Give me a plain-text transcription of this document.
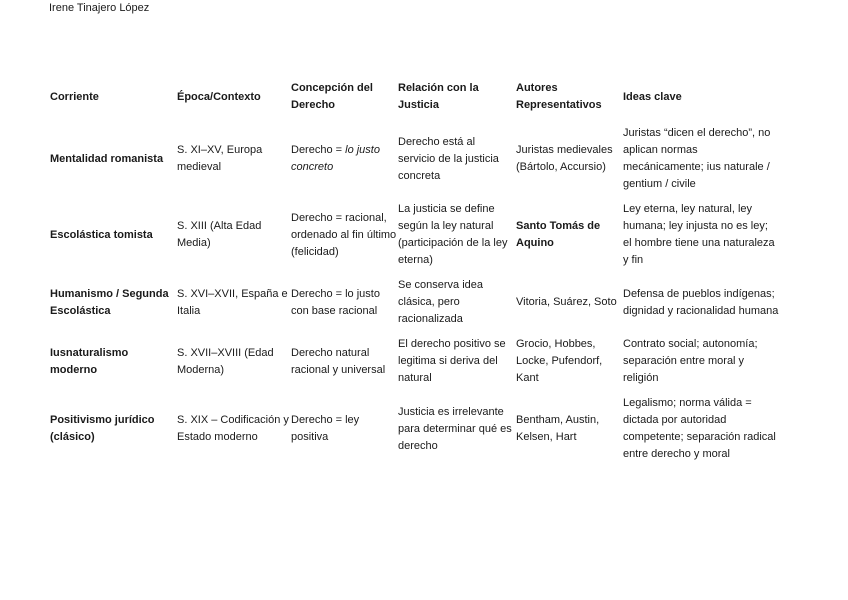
Irene Tinajero López
Corriente	Época/Contexto	Concepción del Derecho	Relación con la Justicia	Autores Representativos	Ideas clave
Mentalidad romanista	S. XI–XV, Europa medieval	Derecho = lo justo concreto	Derecho está al servicio de la justicia concreta	Juristas medievales (Bártolo, Accursio)	Juristas “dicen el derecho”, no aplican normas mecánicamente; ius naturale / gentium / civile
Escolástica tomista	S. XIII (Alta Edad Media)	Derecho = racional, ordenado al fin último (felicidad)	La justicia se define según la ley natural (participación de la ley eterna)	Santo Tomás de Aquino	Ley eterna, ley natural, ley humana; ley injusta no es ley; el hombre tiene una naturaleza y fin
Humanismo / Segunda Escolástica	S. XVI–XVII, España e Italia	Derecho = lo justo con base racional	Se conserva idea clásica, pero racionalizada	Vitoria, Suárez, Soto	Defensa de pueblos indígenas; dignidad y racionalidad humana
Iusnaturalismo moderno	S. XVII–XVIII (Edad Moderna)	Derecho natural racional y universal	El derecho positivo se legitima si deriva del natural	Grocio, Hobbes, Locke, Pufendorf, Kant	Contrato social; autonomía; separación entre moral y religión
Positivismo jurídico (clásico)	S. XIX – Codificación y Estado moderno	Derecho = ley positiva	Justicia es irrelevante para determinar qué es derecho	Bentham, Austin, Kelsen, Hart	Legalismo; norma válida = dictada por autoridad competente; separación radical entre derecho y moral
